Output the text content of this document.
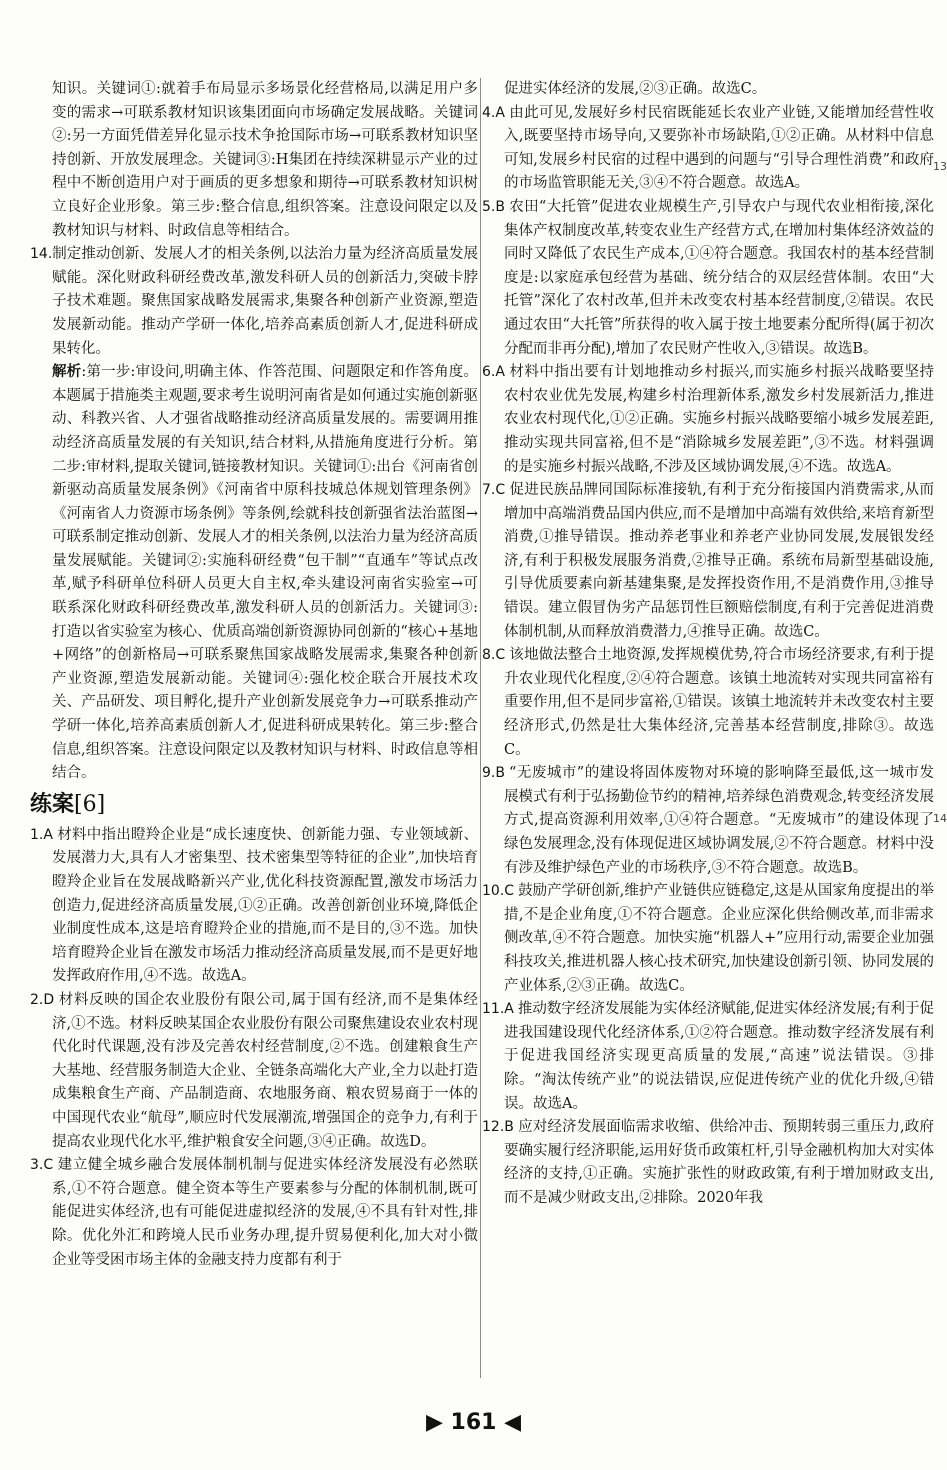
知识。关键词①:就着手布局显示多场景化经营格局,以满足用户多变的需求→可联系教材知识该集团面向市场确定发展战略。关键词②:另一方面凭借差异化显示技术争抢国际市场→可联系教材知识坚持创新、开放发展理念。关键词③:H集团在持续深耕显示产业的过程中不断创造用户对于画质的更多想象和期待→可联系教材知识树立良好企业形象。第三步:整合信息,组织答案。注意设问限定以及教材知识与材料、时政信息等相结合。

14.制定推动创新、发展人才的相关条例,以法治力量为经济高质量发展赋能。深化财政科研经费改革,激发科研人员的创新活力,突破卡脖子技术难题。聚焦国家战略发展需求,集聚各种创新产业资源,塑造发展新动能。推动产学研一体化,培养高素质创新人才,促进科研成果转化。

解析:第一步:审设问,明确主体、作答范围、问题限定和作答角度。本题属于措施类主观题,要求考生说明河南省是如何通过实施创新驱动、科教兴省、人才强省战略推动经济高质量发展的。需要调用推动经济高质量发展的有关知识,结合材料,从措施角度进行分析。第二步:审材料,提取关键词,链接教材知识。关键词①:出台《河南省创新驱动高质量发展条例》《河南省中原科技城总体规划管理条例》《河南省人力资源市场条例》等条例,绘就科技创新强省法治蓝图→可联系制定推动创新、发展人才的相关条例,以法治力量为经济高质量发展赋能。关键词②:实施科研经费“包干制”“直通车”等试点改革,赋予科研单位科研人员更大自主权,牵头建设河南省实验室→可联系深化财政科研经费改革,激发科研人员的创新活力。关键词③:打造以省实验室为核心、优质高端创新资源协同创新的“核心+基地+网络”的创新格局→可联系聚焦国家战略发展需求,集聚各种创新产业资源,塑造发展新动能。关键词④:强化校企联合开展技术攻关、产品研发、项目孵化,提升产业创新发展竞争力→可联系推动产学研一体化,培养高素质创新人才,促进科研成果转化。第三步:整合信息,组织答案。注意设问限定以及教材知识与材料、时政信息等相结合。

练案[6]
1.A 材料中指出瞪羚企业是“成长速度快、创新能力强、专业领域新、发展潜力大,具有人才密集型、技术密集型等特征的企业”,加快培育瞪羚企业旨在发展战略新兴产业,优化科技资源配置,激发市场活力创造力,促进经济高质量发展,①②正确。改善创新创业环境,降低企业制度性成本,这是培育瞪羚企业的措施,而不是目的,③不选。加快培育瞪羚企业旨在激发市场活力推动经济高质量发展,而不是更好地发挥政府作用,④不选。故选A。
2.D 材料反映的国企农业股份有限公司,属于国有经济,而不是集体经济,①不选。材料反映某国企农业股份有限公司聚焦建设农业农村现代化时代课题,没有涉及完善农村经营制度,②不选。创建粮食生产大基地、经营服务制造大企业、全链条高端化大产业,全力以赴打造成集粮食生产商、产品制造商、农地服务商、粮农贸易商于一体的中国现代农业“航母”,顺应时代发展潮流,增强国企的竞争力,有利于提高农业现代化水平,维护粮食安全问题,③④正确。故选D。
3.C 建立健全城乡融合发展体制机制与促进实体经济发展没有必然联系,①不符合题意。健全资本等生产要素参与分配的体制机制,既可能促进实体经济,也有可能促进虚拟经济的发展,④不具有针对性,排除。优化外汇和跨境人民币业务办理,提升贸易便利化,加大对小微企业等受困市场主体的金融支持力度都有利于

促进实体经济的发展,②③正确。故选C。

4.A 由此可见,发展好乡村民宿既能延长农业产业链,又能增加经营性收入,既要坚持市场导向,又要弥补市场缺陷,①②正确。从材料中信息可知,发展乡村民宿的过程中遇到的问题与“引导合理性消费”和政府的市场监管职能无关,③④不符合题意。故选A。
5.B 农田“大托管”促进农业规模生产,引导农户与现代农业相衔接,深化集体产权制度改革,转变农业生产经营方式,在增加村集体经济效益的同时又降低了农民生产成本,①④符合题意。我国农村的基本经营制度是:以家庭承包经营为基础、统分结合的双层经营体制。农田“大托管”深化了农村改革,但并未改变农村基本经营制度,②错误。农民通过农田“大托管”所获得的收入属于按土地要素分配所得(属于初次分配而非再分配),增加了农民财产性收入,③错误。故选B。
6.A 材料中指出要有计划地推动乡村振兴,而实施乡村振兴战略要坚持农村农业优先发展,构建乡村治理新体系,激发乡村发展新活力,推进农业农村现代化,①②正确。实施乡村振兴战略要缩小城乡发展差距,推动实现共同富裕,但不是“消除城乡发展差距”,③不选。材料强调的是实施乡村振兴战略,不涉及区域协调发展,④不选。故选A。
7.C 促进民族品牌同国际标准接轨,有利于充分衔接国内消费需求,从而增加中高端消费品国内供应,而不是增加中高端有效供给,来培育新型消费,①推导错误。推动养老事业和养老产业协同发展,发展银发经济,有利于积极发展服务消费,②推导正确。系统布局新型基础设施,引导优质要素向新基建集聚,是发挥投资作用,不是消费作用,③推导错误。建立假冒伪劣产品惩罚性巨额赔偿制度,有利于完善促进消费体制机制,从而释放消费潜力,④推导正确。故选C。
8.C 该地做法整合土地资源,发挥规模优势,符合市场经济要求,有利于提升农业现代化程度,②④符合题意。该镇土地流转对实现共同富裕有重要作用,但不是同步富裕,①错误。该镇土地流转并未改变农村主要经济形式,仍然是壮大集体经济,完善基本经营制度,排除③。故选C。
9.B “无废城市”的建设将固体废物对环境的影响降至最低,这一城市发展模式有利于弘扬勤俭节约的精神,培养绿色消费观念,转变经济发展方式,提高资源利用效率,①④符合题意。“无废城市”的建设体现了绿色发展理念,没有体现促进区域协调发展,②不符合题意。材料中没有涉及维护绿色产业的市场秩序,③不符合题意。故选B。
10.C 鼓励产学研创新,维护产业链供应链稳定,这是从国家角度提出的举措,不是企业角度,①不符合题意。企业应深化供给侧改革,而非需求侧改革,④不符合题意。加快实施“机器人+”应用行动,需要企业加强科技攻关,推进机器人核心技术研究,加快建设创新引领、协同发展的产业体系,②③正确。故选C。
11.A 推动数字经济发展能为实体经济赋能,促进实体经济发展;有利于促进我国建设现代化经济体系,①②符合题意。推动数字经济发展有利于促进我国经济实现更高质量的发展,“高速”说法错误。③排除。“淘汰传统产业”的说法错误,应促进传统产业的优化升级,④错误。故选A。
12.B 应对经济发展面临需求收缩、供给冲击、预期转弱三重压力,政府要确实履行经济职能,运用好货币政策杠杆,引导金融机构加大对实体经济的支持,①正确。实施扩张性的财政政策,有利于增加财政支出,而不是减少财政支出,②排除。2020年我
13
14
▶ 161 ◀
